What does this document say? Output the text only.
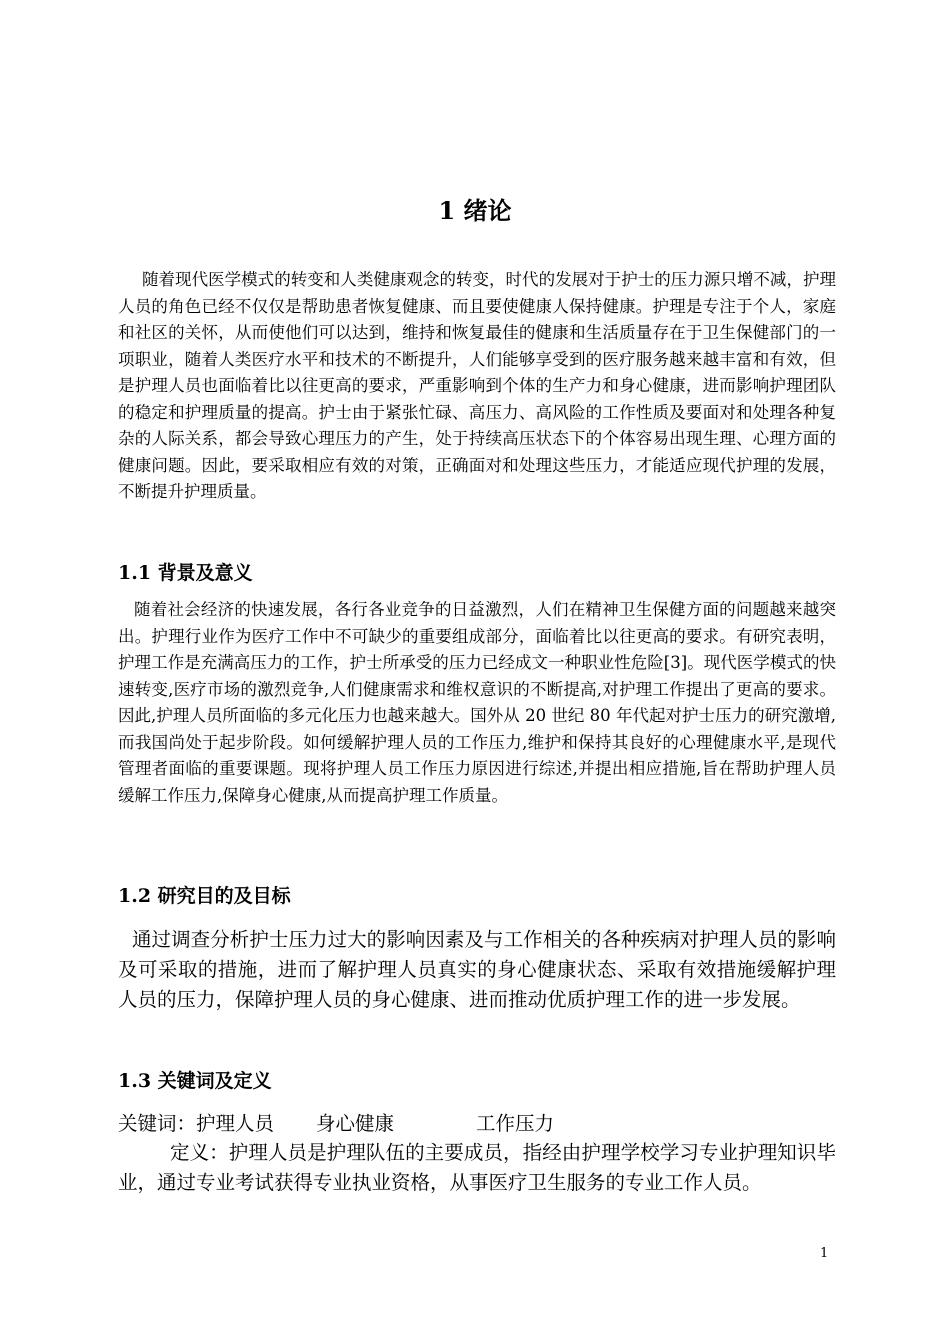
1 绪论

随着现代医学模式的转变和人类健康观念的转变，时代的发展对于护士的压力源只增不减，护理人员的角色已经不仅仅是帮助患者恢复健康、而且要使健康人保持健康。护理是专注于个人，家庭和社区的关怀，从而使他们可以达到，维持和恢复最佳的健康和生活质量存在于卫生保健部门的一项职业，随着人类医疗水平和技术的不断提升，人们能够享受到的医疗服务越来越丰富和有效，但是护理人员也面临着比以往更高的要求，严重影响到个体的生产力和身心健康，进而影响护理团队的稳定和护理质量的提高。护士由于紧张忙碌、高压力、高风险的工作性质及要面对和处理各种复杂的人际关系，都会导致心理压力的产生，处于持续高压状态下的个体容易出现生理、心理方面的健康问题。因此，要采取相应有效的对策，正确面对和处理这些压力，才能适应现代护理的发展，不断提升护理质量。

1.1 背景及意义

随着社会经济的快速发展，各行各业竞争的日益激烈，人们在精神卫生保健方面的问题越来越突出。护理行业作为医疗工作中不可缺少的重要组成部分，面临着比以往更高的要求。有研究表明，护理工作是充满高压力的工作，护士所承受的压力已经成文一种职业性危险[3]。现代医学模式的快速转变,医疗市场的激烈竞争,人们健康需求和维权意识的不断提高,对护理工作提出了更高的要求。因此,护理人员所面临的多元化压力也越来越大。国外从 20 世纪 80 年代起对护士压力的研究激增,而我国尚处于起步阶段。如何缓解护理人员的工作压力,维护和保持其良好的心理健康水平,是现代管理者面临的重要课题。现将护理人员工作压力原因进行综述,并提出相应措施,旨在帮助护理人员缓解工作压力,保障身心健康,从而提高护理工作质量。

1.2 研究目的及目标

通过调查分析护士压力过大的影响因素及与工作相关的各种疾病对护理人员的影响及可采取的措施，进而了解护理人员真实的身心健康状态、采取有效措施缓解护理人员的压力，保障护理人员的身心健康、进而推动优质护理工作的进一步发展。

1.3 关键词及定义
关键词：护理人员 身心健康	工作压力

定义：护理人员是护理队伍的主要成员，指经由护理学校学习专业护理知识毕业，通过专业考试获得专业执业资格，从事医疗卫生服务的专业工作人员。

1
